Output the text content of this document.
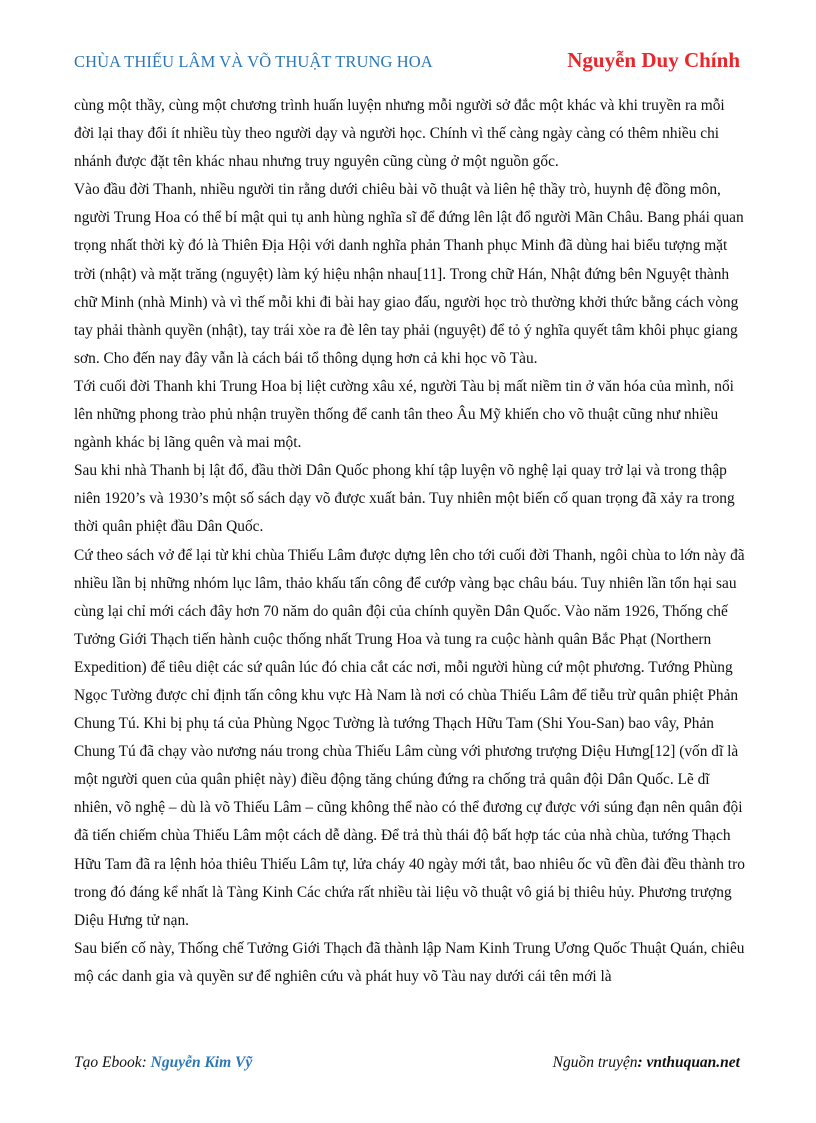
CHÙA THIẾU LÂM VÀ VÕ THUẬT TRUNG HOA	Nguyễn Duy Chính

cùng một thầy, cùng một chương trình huấn luyện nhưng mỗi người sở đắc một khác và khi truyền ra mỗi đời lại thay đổi ít nhiều tùy theo người dạy và người học. Chính vì thế càng ngày càng có thêm nhiều chi nhánh được đặt tên khác nhau nhưng truy nguyên cũng cùng ở một nguồn gốc.

Vào đầu đời Thanh, nhiều người tin rằng dưới chiêu bài võ thuật và liên hệ thầy trò, huynh đệ đồng môn, người Trung Hoa có thể bí mật qui tụ anh hùng nghĩa sĩ để đứng lên lật đổ người Mãn Châu. Bang phái quan trọng nhất thời kỳ đó là Thiên Địa Hội với danh nghĩa phản Thanh phục Minh đã dùng hai biểu tượng mặt trời (nhật) và mặt trăng (nguyệt) làm ký hiệu nhận nhau[11]. Trong chữ Hán, Nhật đứng bên Nguyệt thành chữ Minh (nhà Minh) và vì thế mỗi khi đi bài hay giao đấu, người học trò thường khởi thức bằng cách vòng tay phải thành quyền (nhật), tay trái xòe ra đè lên tay phải (nguyệt) để tỏ ý nghĩa quyết tâm khôi phục giang sơn. Cho đến nay đây vẫn là cách bái tổ thông dụng hơn cả khi học võ Tàu.

Tới cuối đời Thanh khi Trung Hoa bị liệt cường xâu xé, người Tàu bị mất niềm tin ở văn hóa của mình, nổi lên những phong trào phủ nhận truyền thống để canh tân theo Âu Mỹ khiến cho võ thuật cũng như nhiều ngành khác bị lãng quên và mai một.

Sau khi nhà Thanh bị lật đổ, đầu thời Dân Quốc phong khí tập luyện võ nghệ lại quay trở lại và trong thập niên 1920’s và 1930’s một số sách dạy võ được xuất bản. Tuy nhiên một biến cố quan trọng đã xảy ra trong thời quân phiệt đầu Dân Quốc.

Cứ theo sách vở để lại từ khi chùa Thiếu Lâm được dựng lên cho tới cuối đời Thanh, ngôi chùa to lớn này đã nhiều lần bị những nhóm lục lâm, thảo khấu tấn công để cướp vàng bạc châu báu. Tuy nhiên lần tổn hại sau cùng lại chỉ mới cách đây hơn 70 năm do quân đội của chính quyền Dân Quốc. Vào năm 1926, Thống chế Tưởng Giới Thạch tiến hành cuộc thống nhất Trung Hoa và tung ra cuộc hành quân Bắc Phạt (Northern Expedition) để tiêu diệt các sứ quân lúc đó chia cắt các nơi, mỗi người hùng cứ một phương. Tướng Phùng Ngọc Tường được chỉ định tấn công khu vực Hà Nam là nơi có chùa Thiếu Lâm để tiễu trừ quân phiệt Phản Chung Tú. Khi bị phụ tá của Phùng Ngọc Tường là tướng Thạch Hữu Tam (Shi You-San) bao vây, Phản Chung Tú đã chạy vào nương náu trong chùa Thiếu Lâm cùng với phương trượng Diệu Hưng[12] (vốn dĩ là một người quen của quân phiệt này) điều động tăng chúng đứng ra chống trả quân đội Dân Quốc. Lẽ dĩ nhiên, võ nghệ – dù là võ Thiếu Lâm – cũng không thể nào có thể đương cự được với súng đạn nên quân đội đã tiến chiếm chùa Thiếu Lâm một cách dễ dàng. Để trả thù thái độ bất hợp tác của nhà chùa, tướng Thạch Hữu Tam đã ra lệnh hỏa thiêu Thiếu Lâm tự, lửa cháy 40 ngày mới tắt, bao nhiêu ốc vũ đền đài đều thành tro trong đó đáng kể nhất là Tàng Kinh Các chứa rất nhiều tài liệu võ thuật vô giá bị thiêu hủy. Phương trượng Diệu Hưng tử nạn.

Sau biến cố này, Thống chế Tưởng Giới Thạch đã thành lập Nam Kinh Trung Ương Quốc Thuật Quán, chiêu mộ các danh gia và quyền sư để nghiên cứu và phát huy võ Tàu nay dưới cái tên mới là

Tạo Ebook: Nguyễn Kim Vỹ	Nguồn truyện: vnthuquan.net
